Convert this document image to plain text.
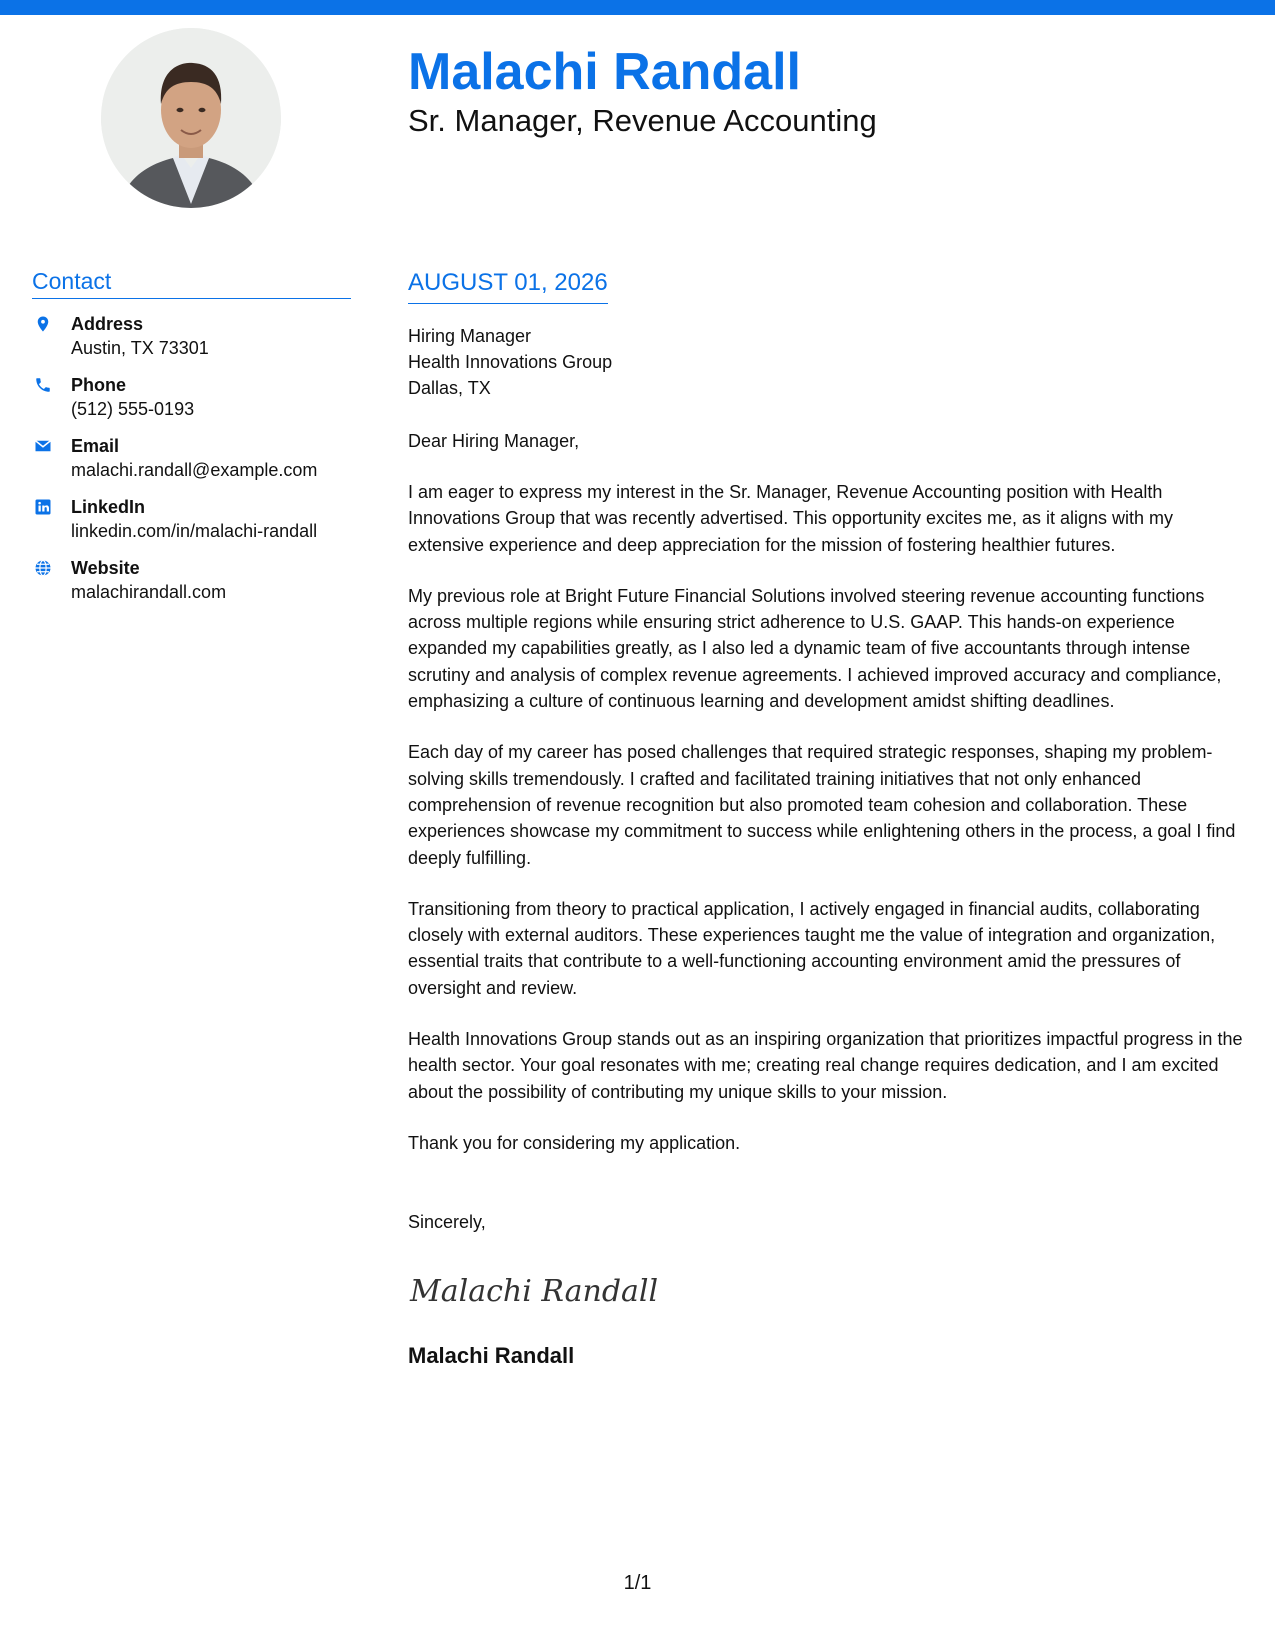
Malachi Randall
Sr. Manager, Revenue Accounting
Contact
Address
Austin, TX 73301
Phone
(512) 555-0193
Email
malachi.randall@example.com
LinkedIn
linkedin.com/in/malachi-randall
Website
malachirandall.com
AUGUST 01, 2026
Hiring Manager
Health Innovations Group
Dallas, TX
Dear Hiring Manager,

I am eager to express my interest in the Sr. Manager, Revenue Accounting position with Health Innovations Group that was recently advertised. This opportunity excites me, as it aligns with my extensive experience and deep appreciation for the mission of fostering healthier futures.

My previous role at Bright Future Financial Solutions involved steering revenue accounting functions across multiple regions while ensuring strict adherence to U.S. GAAP. This hands-on experience expanded my capabilities greatly, as I also led a dynamic team of five accountants through intense scrutiny and analysis of complex revenue agreements. I achieved improved accuracy and compliance, emphasizing a culture of continuous learning and development amidst shifting deadlines.

Each day of my career has posed challenges that required strategic responses, shaping my problem-solving skills tremendously. I crafted and facilitated training initiatives that not only enhanced comprehension of revenue recognition but also promoted team cohesion and collaboration. These experiences showcase my commitment to success while enlightening others in the process, a goal I find deeply fulfilling.

Transitioning from theory to practical application, I actively engaged in financial audits, collaborating closely with external auditors. These experiences taught me the value of integration and organization, essential traits that contribute to a well-functioning accounting environment amid the pressures of oversight and review.

Health Innovations Group stands out as an inspiring organization that prioritizes impactful progress in the health sector. Your goal resonates with me; creating real change requires dedication, and I am excited about the possibility of contributing my unique skills to your mission.

Thank you for considering my application.

Sincerely,
Malachi Randall
Malachi Randall
1/1
